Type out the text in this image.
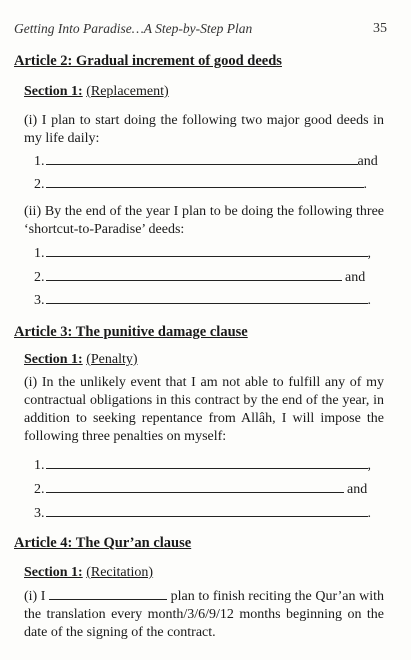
Getting Into Paradise…A Step-by-Step Plan	35
Article 2: Gradual increment of good deeds
Section 1: (Replacement)
(i) I plan to start doing the following two major good deeds in my life daily:
1.	and
2.	.
(ii) By the end of the year I plan to be doing the following three ‘shortcut-to-Paradise’ deeds:
1.	,
2.	and
3.	.
Article 3: The punitive damage clause
Section 1: (Penalty)
(i) In the unlikely event that I am not able to fulfill any of my contractual obligations in this contract by the end of the year, in addition to seeking repentance from Allâh, I will impose the following three penalties on myself:
1.	,
2.	and
3.	.
Article 4: The Qur’an clause
Section 1: (Recitation)
(i) I	plan to finish reciting the Qur’an with the translation every month/3/6/9/12 months beginning on the date of the signing of the contract.
